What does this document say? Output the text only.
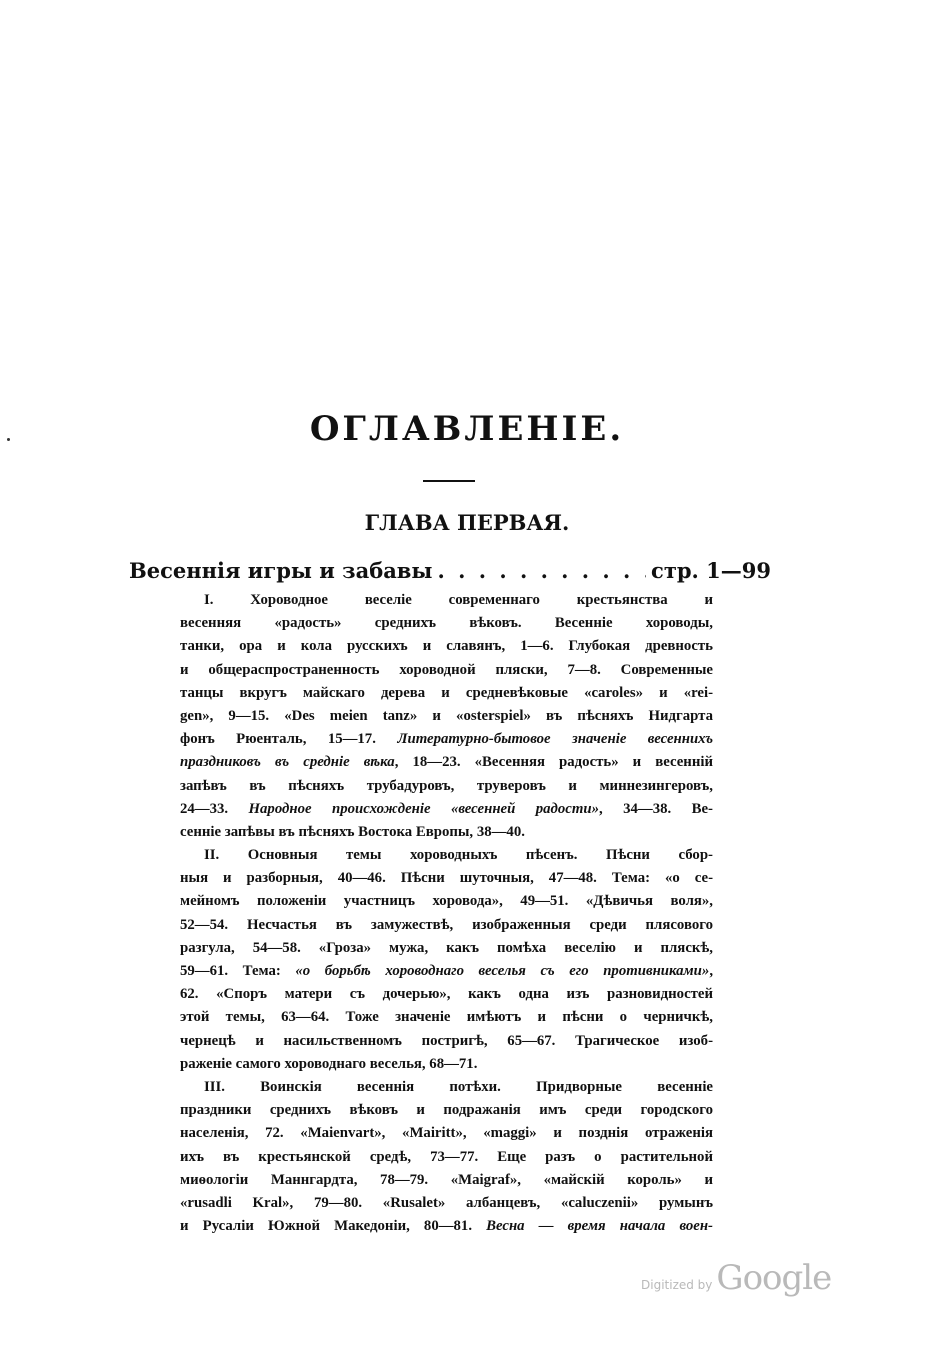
ОГЛАВЛЕНІЕ.
ГЛАВА ПЕРВАЯ.
Весеннія игры и забавы
. . .	стр. 1—99
I. Хороводное веселіе современнаго крестьянства и
весенняя «радость» среднихъ вѣковъ. Весенніе хороводы,
танки, ора и кола русскихъ и славянъ, 1—6. Глубокая древность
и общераспространенность хороводной пляски, 7—8. Современные
танцы вкругъ майскаго дерева и средневѣковые «caroles» и «rei-
gen», 9—15. «Des meien tanz» и «osterspiel» въ пѣсняхъ Нидгарта
фонъ Рюенталь, 15—17. Литературно-бытовое значеніе весеннихъ
праздниковъ въ средніе вѣка, 18—23. «Весенняя радость» и весенній
запѣвъ въ пѣсняхъ трубадуровъ, труверовъ и миннезингеровъ,
24—33. Народное происхожденіе «весенней радости», 34—38. Ве-
сенніе запѣвы въ пѣсняхъ Востока Европы, 38—40.
II. Основныя темы хороводныхъ пѣсенъ. Пѣсни сбор-
ныя и разборныя, 40—46. Пѣсни шуточныя, 47—48. Тема: «о се-
мейномъ положеніи участницъ хоровода», 49—51. «Дѣвичья воля»,
52—54. Несчастья въ замужествѣ, изображенныя среди плясового
разгула, 54—58. «Гроза» мужа, какъ помѣха веселію и пляскѣ,
59—61. Тема: «о борьбѣ хороводнаго веселья съ его противниками»,
62. «Споръ матери съ дочерью», какъ одна изъ разновидностей
этой темы, 63—64. Тоже значеніе имѣютъ и пѣсни о черничкѣ,
чернецѣ и насильственномъ постригѣ, 65—67. Трагическое изоб-
раженіе самого хороводнаго веселья, 68—71.
III. Воинскія весеннія потѣхи. Придворные весенніе
праздники среднихъ вѣковъ и подражанія имъ среди городского
населенія, 72. «Maienvart», «Mairitt», «maggi» и позднія отраженія
ихъ въ крестьянской средѣ, 73—77. Еще разъ о растительной
миѳологіи Маннгардта, 78—79. «Maigraf», «майскій король» и
«rusadli Kral», 79—80. «Rusalet» албанцевъ, «caluczenii» румынъ
и Русаліи Южной Македоніи, 80—81. Весна — время начала воен-
Digitized by Google
